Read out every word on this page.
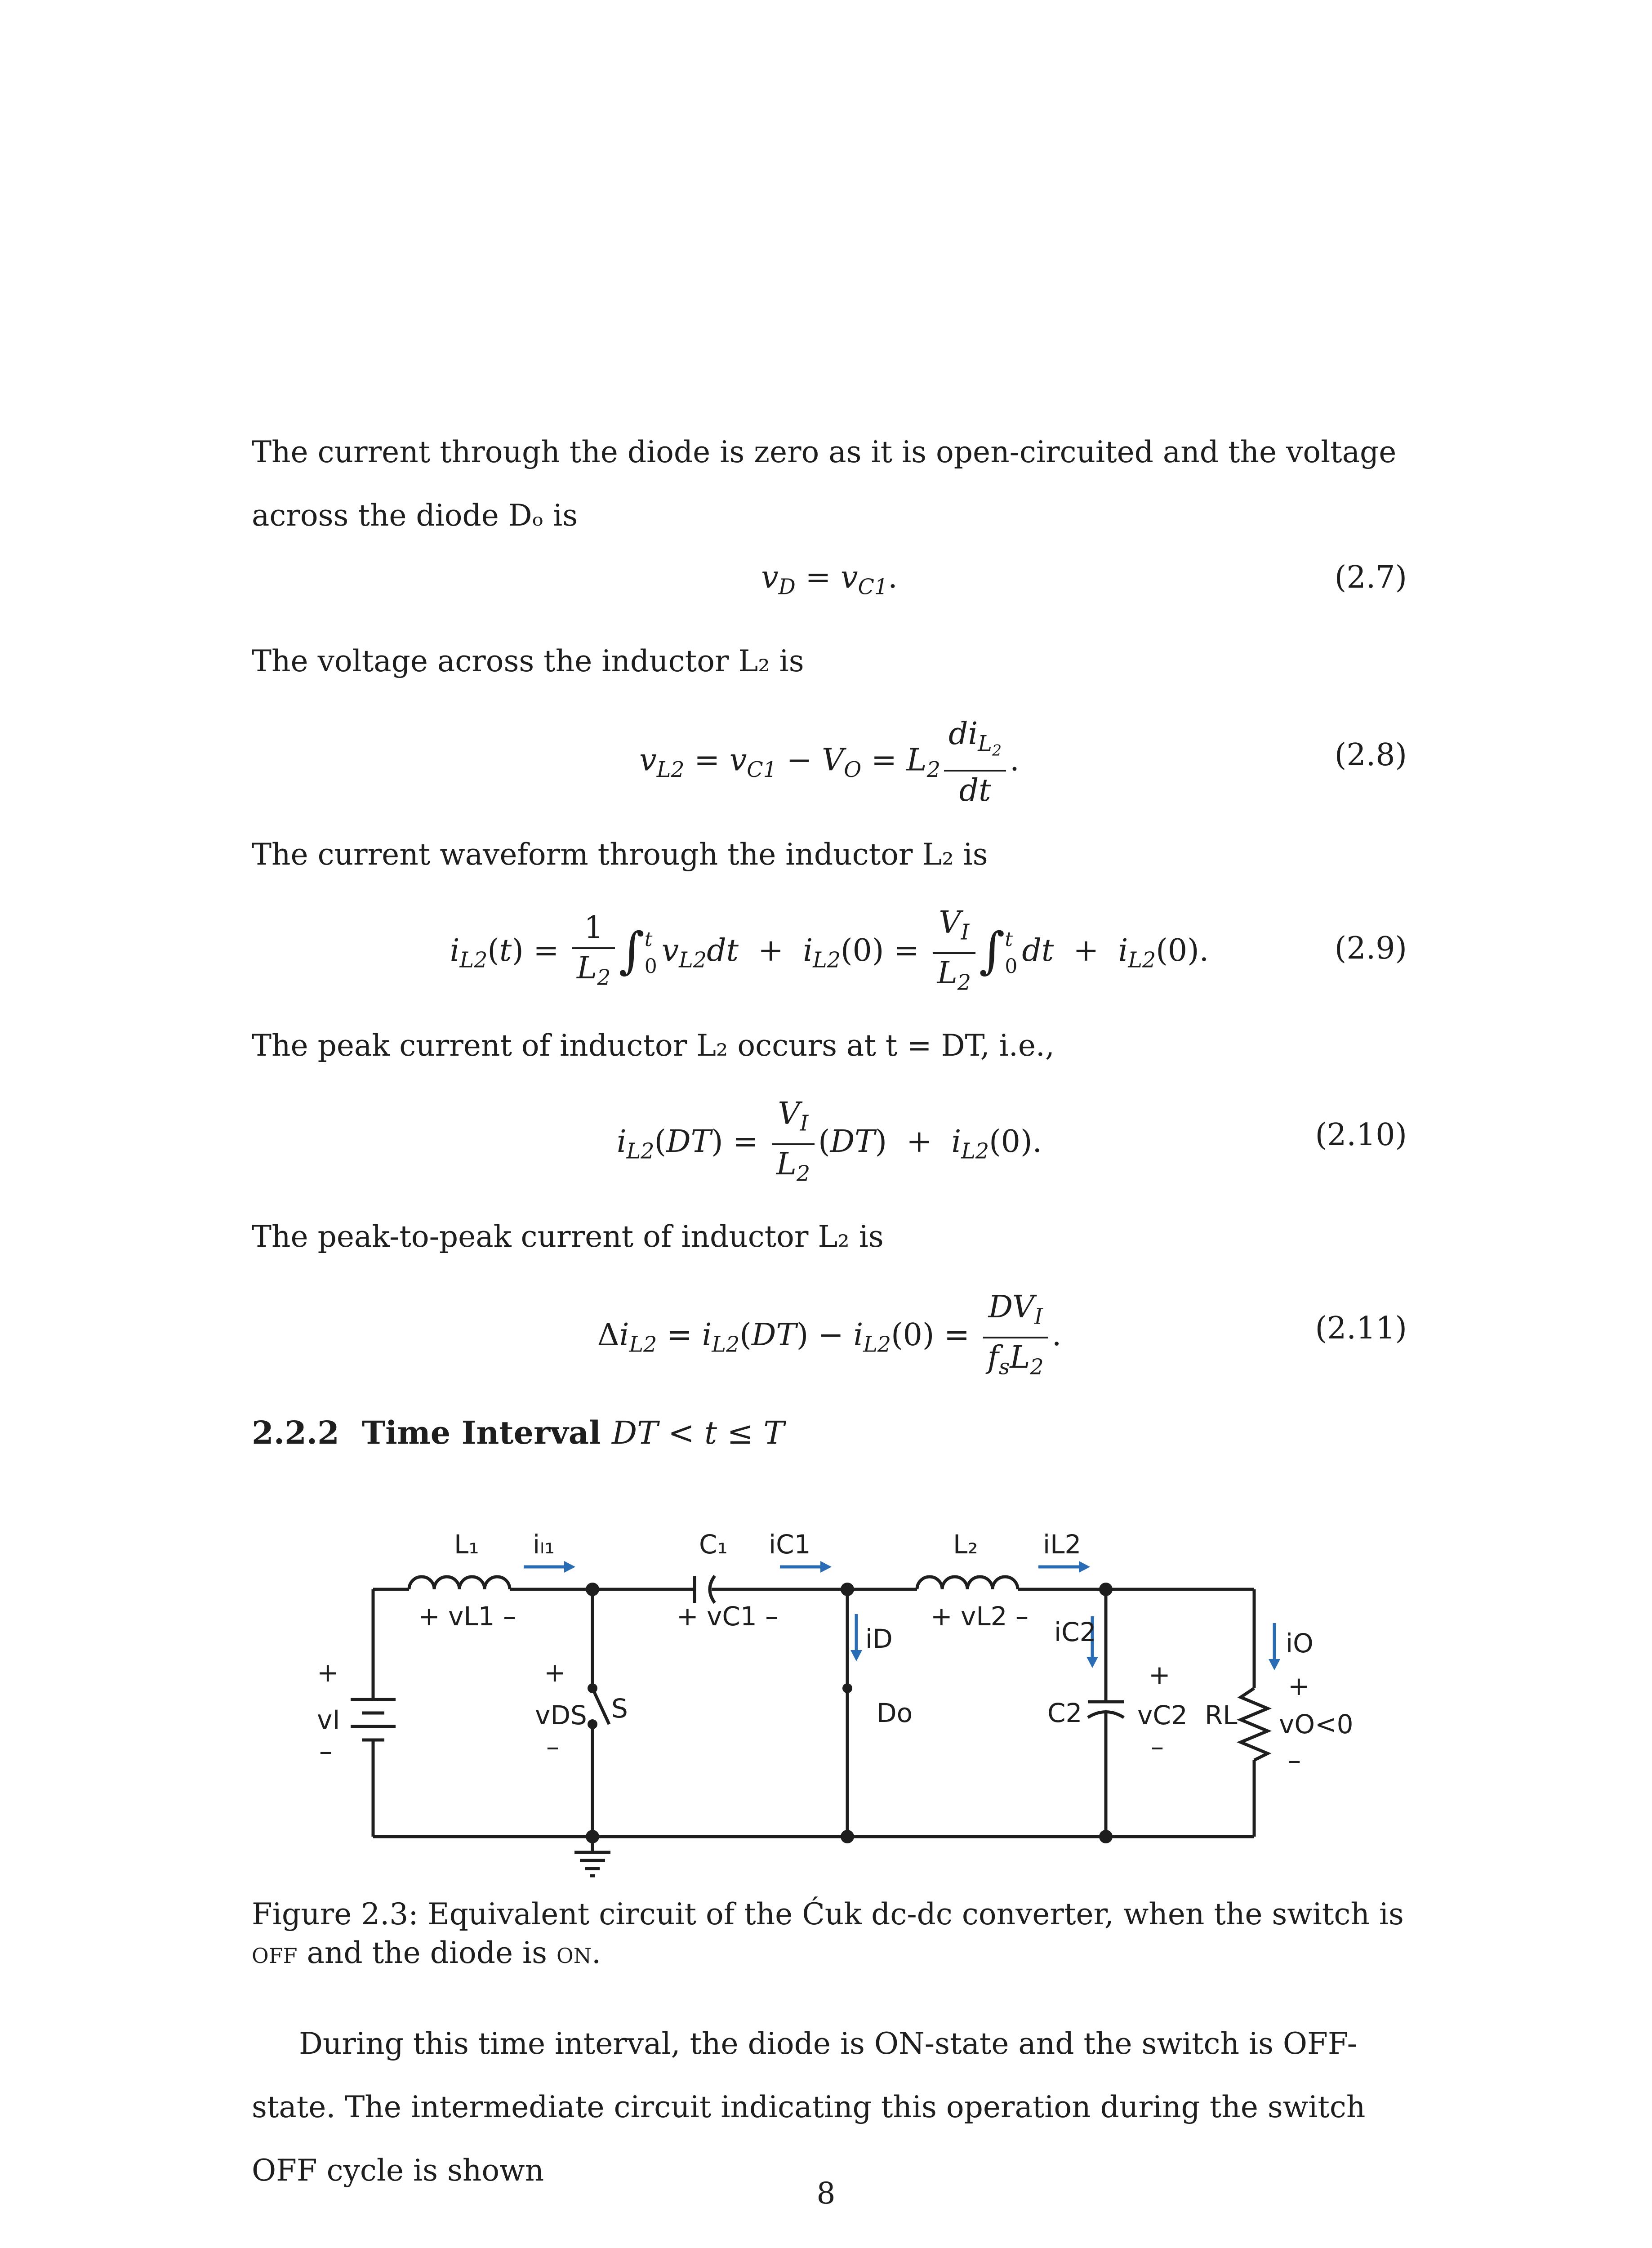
The current through the diode is zero as it is open-circuited and the voltage across the diode Dₒ is

$v_D = v_{C1}$.	(2.7)

The voltage across the inductor L₂ is

$v_{L2} = v_{C1} - V_O = L_2 \frac{di_{L_2}}{dt}$ .	(2.8)

The current waveform through the inductor L₂ is

$i_{L2}(t) = \frac{1}{L_2}$ ∫ t
0 $v_{L2}dt + i_{L2}(0) = \frac{V_I}{L_2}$ ∫ t
0 dt  +  $i_{L2}(0)$.	(2.9)

The peak current of inductor L₂ occurs at t = DT, i.e.,

$i_{L2}(DT) = \frac{V_I}{L_2} (DT) + i_{L2}(0)$.	(2.10)

The peak-to-peak current of inductor L₂ is

$\Delta i_{L2} = i_{L2}(DT) - i_{L2}(0) = \frac{DV_I}{f_sL_2}$ .	(2.11)
2.2.2 Time Interval DT < t ≤ T
L₁ iₗ₁	C₁ iC1	L₂ iL2
+ vL1 –	+ vC1 –	+ vL2 –
iD	iC2	iO
+
vI
–
+
vDS
–
S	Do	C2
+
vC2
–
RL
+
vO<0
–
Figure 2.3: Equivalent circuit of the Ćuk dc-dc converter, when the switch is off and the diode is on.

During this time interval, the diode is ON-state and the switch is OFF-state. The intermediate circuit indicating this operation during the switch OFF cycle is shown

8
